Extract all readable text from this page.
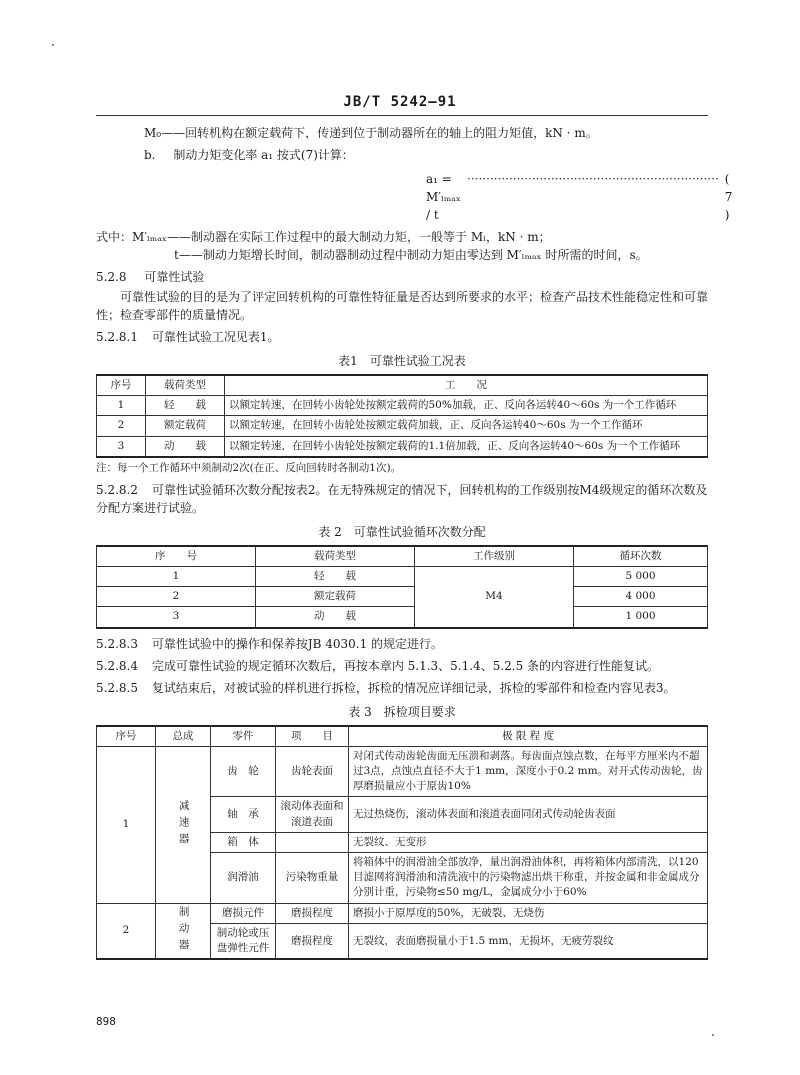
JB/T 5242—91

M₀——回转机构在额定载荷下，传递到位于制动器所在的轴上的阻力矩值，kN · m。

b. 制动力矩变化率 a₁ 按式(7)计算：

a₁ = M′ₗₘₐₓ / t
·································································· ( 7 )

式中：M′ₗₘₐₓ——制动器在实际工作过程中的最大制动力矩，一般等于 Mₗ，kN · m；

t——制动力矩增长时间，制动器制动过程中制动力矩由零达到 M′ₗₘₐₓ 时所需的时间，s。

5.2.8 可靠性试验

可靠性试验的目的是为了评定回转机构的可靠性特征量是否达到所要求的水平；检查产品技术性能稳定性和可靠性；检查零部件的质量情况。

5.2.8.1 可靠性试验工况见表1。

表1　可靠性试验工况表
序号	载荷类型	工　　况
1	轻　　载	以额定转速，在回转小齿轮处按额定载荷的50%加载，正、反向各运转40～60s 为一个工作循环
2	额定载荷	以额定转速，在回转小齿轮处按额定载荷加载，正、反向各运转40～60s 为一个工作循环
3	动　　载	以额定转速，在回转小齿轮处按额定载荷的1.1倍加载，正、反向各运转40～60s 为一个工作循环

注：每一个工作循环中须制动2次(在正、反向回转时各制动1次)。

5.2.8.2 可靠性试验循环次数分配按表2。在无特殊规定的情况下，回转机构的工作级别按M4级规定的循环次数及分配方案进行试验。

表 2　可靠性试验循环次数分配
序　　号	载荷类型	工作级别	循环次数
1	轻　　载	M4	5 000
2	额定载荷		4 000
3	动　　载		1 000

5.2.8.3 可靠性试验中的操作和保养按JB 4030.1 的规定进行。

5.2.8.4 完成可靠性试验的规定循环次数后，再按本章内 5.1.3、5.1.4、5.2.5 条的内容进行性能复试。

5.2.8.5 复试结束后，对被试验的样机进行拆检，拆检的情况应详细记录，拆检的零部件和检查内容见表3。

表 3　拆检项目要求
序号	总成	零件	项　　目	极 限 程 度
1	减速器	齿　轮	齿轮表面	对闭式传动齿轮齿面无压溃和剥落。每齿面点蚀点数，在每平方厘米内不超过3点，点蚀点直径不大于1 mm，深度小于0.2 mm。对开式传动齿轮，齿厚磨损量应小于原齿10%
		轴　承	滚动体表面和滚道表面	无过热烧伤，滚动体表面和滚道表面同闭式传动轮齿表面
		箱　体		无裂纹、无变形
		润滑油	污染物重量	将箱体中的润滑油全部放净，量出润滑油体积，再将箱体内部清洗，以120目滤网将润滑油和清洗液中的污染物滤出烘干称重，并按金属和非金属成分分别计重，污染物≤50 mg/L，金属成分小于60%
2	制动器	磨损元件	磨损程度	磨损小于原厚度的50%，无破裂、无烧伤
		制动轮或压盘弹性元件	磨损程度	无裂纹，表面磨损量小于1.5 mm，无损坏，无疲劳裂纹
898
